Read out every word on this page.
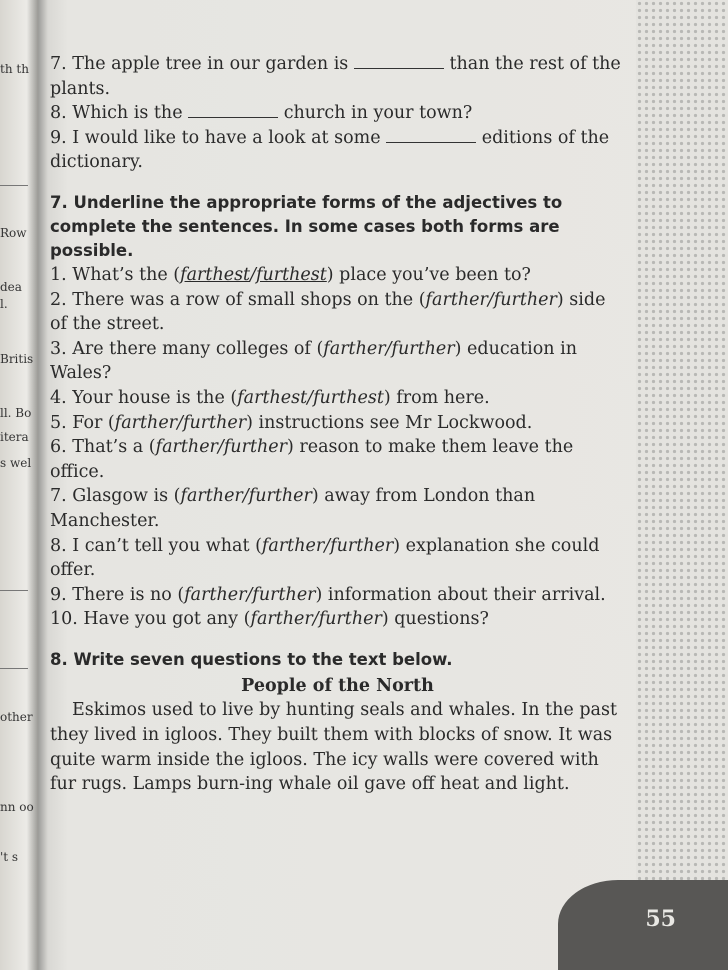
th th
Row
dea
l.
Britis
ll. Bo
itera
s wel
other
nn oo
't s

7. The apple tree in our garden is	than the rest of the plants.

8. Which is the	church in your town?

9. I would like to have a look at some	editions of the dictionary.

7. Underline the appropriate forms of the adjectives to complete the sentences. In some cases both forms are possible.

1. What’s the (farthest/furthest) place you’ve been to?

2. There was a row of small shops on the (farther/further) side of the street.

3. Are there many colleges of (farther/further) education in Wales?

4. Your house is the (farthest/furthest) from here.

5. For (farther/further) instructions see Mr Lockwood.

6. That’s a (farther/further) reason to make them leave the office.

7. Glasgow is (farther/further) away from London than Manchester.

8. I can’t tell you what (farther/further) explanation she could offer.

9. There is no (farther/further) information about their arrival.

10. Have you got any (farther/further) questions?

8. Write seven questions to the text below.

People of the North

Eskimos used to live by hunting seals and whales. In the past they lived in igloos. They built them with blocks of snow. It was quite warm inside the igloos. The icy walls were covered with fur rugs. Lamps burn-ing whale oil gave off heat and light.

55
